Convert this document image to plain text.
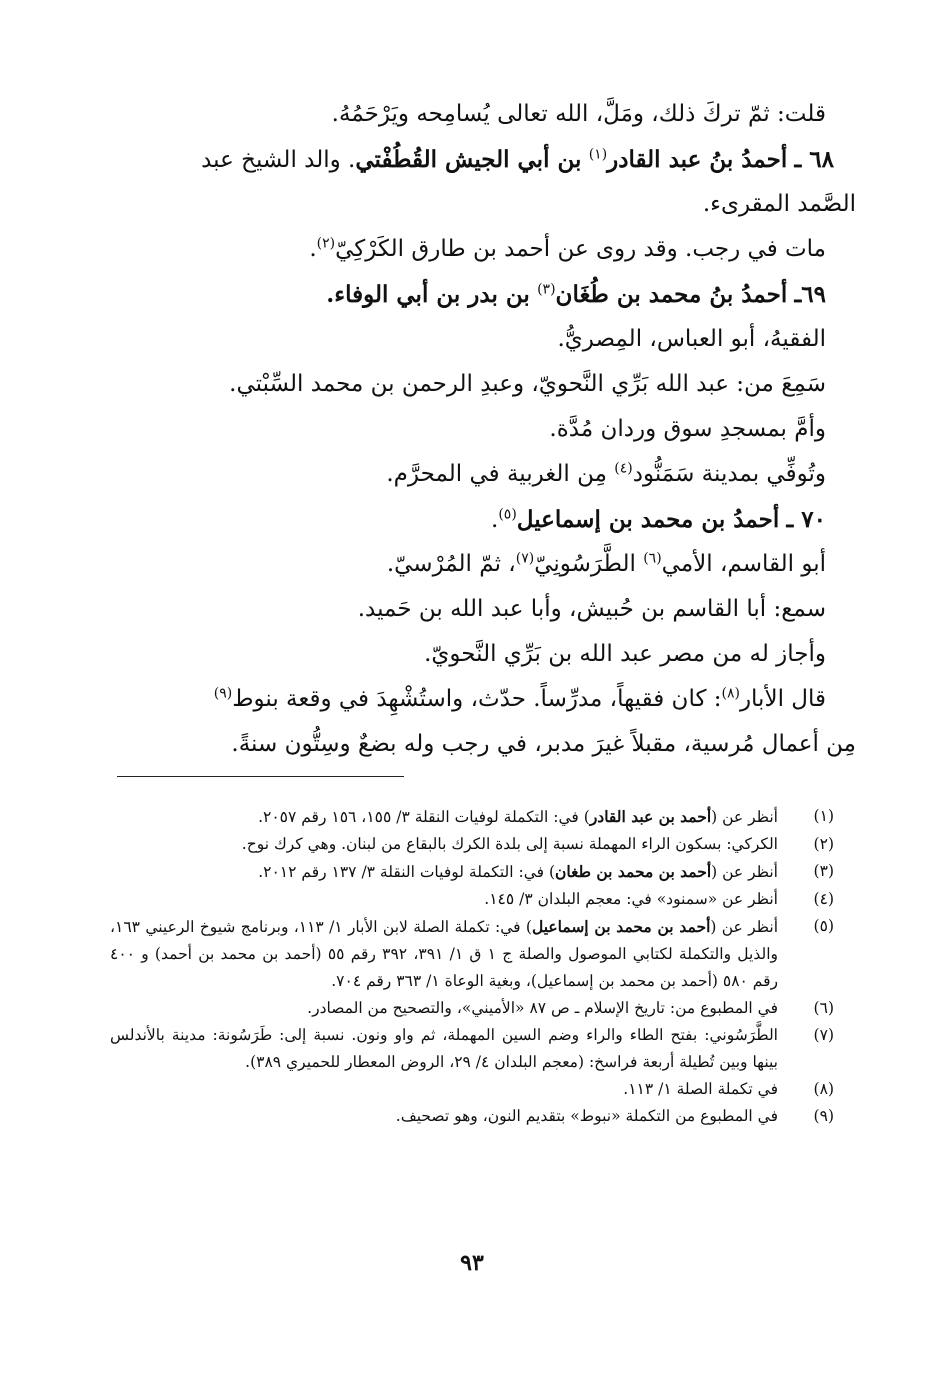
قلت: ثمّ تركَ ذلك، ومَلَّ، الله تعالى يُسامِحه ويَرْحَمُهُ.

٦٨ ـ أحمدُ بنُ عبد القادر$^{(١)}$ بن أبي الجيش القُطُفْتي. والد الشيخ عبد

الصَّمد المقرىء.

مات في رجب. وقد روى عن أحمد بن طارق الكَرْكِيّ$^{(٢)}$.

٦٩ـ أحمدُ بنُ محمد بن طُغَان$^{(٣)}$ بن بدر بن أبي الوفاء.

الفقيهُ، أبو العباس، المِصريُّ.

سَمِعَ من: عبد الله بَرِّي النَّحويّ، وعبدِ الرحمن بن محمد السِّبْتي.

وأمَّ بمسجدِ سوق وردان مُدَّة.

وتُوفِّي بمدينة سَمَنُّود$^{(٤)}$ مِن الغربية في المحرَّم.

٧٠ ـ أحمدُ بن محمد بن إسماعيل$^{(٥)}$.

أبو القاسم، الأمي$^{(٦)}$ الطَّرَسُونِيّ$^{(٧)}$، ثمّ المُرْسيّ.

سمع: أبا القاسم بن حُبيش، وأبا عبد الله بن حَميد.

وأجاز له من مصر عبد الله بن بَرِّي النَّحويّ.

قال الأبار$^{(٨)}$: كان فقيهاً، مدرِّساً. حدّث، واستُشْهِدَ في وقعة بنوط$^{(٩)}$

مِن أعمال مُرسية، مقبلاً غيرَ مدبر، في رجب وله بضعٌ وسِتُّون سنةً.

(١)
أنظر عن (أحمد بن عبد القادر) في: التكملة لوفيات النقلة ٣/ ١٥٥، ١٥٦ رقم ٢٠٥٧.
(٢)
الكركي: بسكون الراء المهملة نسبة إلى بلدة الكرك بالبقاع من لبنان. وهي كرك نوح.
(٣)
أنظر عن (أحمد بن محمد بن طغان) في: التكملة لوفيات النقلة ٣/ ١٣٧ رقم ٢٠١٢.
(٤)
أنظر عن «سمنود» في: معجم البلدان ٣/ ١٤٥.
(٥)
أنظر عن (أحمد بن محمد بن إسماعيل) في: تكملة الصلة لابن الأبار ١/ ١١٣، وبرنامج شيوخ الرعيني ١٦٣، والذيل والتكملة لكتابي الموصول والصلة ج ١ ق ١/ ٣٩١، ٣٩٢ رقم ٥٥ (أحمد بن محمد بن أحمد) و ٤٠٠ رقم ٥٨٠ (أحمد بن محمد بن إسماعيل)، وبغية الوعاة ١/ ٣٦٣ رقم ٧٠٤.
(٦)
في المطبوع من: تاريخ الإسلام ـ ص ٨٧ «الأميني»، والتصحيح من المصادر.
(٧)
الطَّرَسُوني: بفتح الطاء والراء وضم السين المهملة، ثم واو ونون. نسبة إلى: طَرَسُونة: مدينة بالأندلس بينها وبين تُطيلة أربعة فراسخ: (معجم البلدان ٤/ ٢٩، الروض المعطار للحميري ٣٨٩).
(٨)
في تكملة الصلة ١/ ١١٣.
(٩)
في المطبوع من التكملة «نبوط» بتقديم النون، وهو تصحيف.
٩٣
